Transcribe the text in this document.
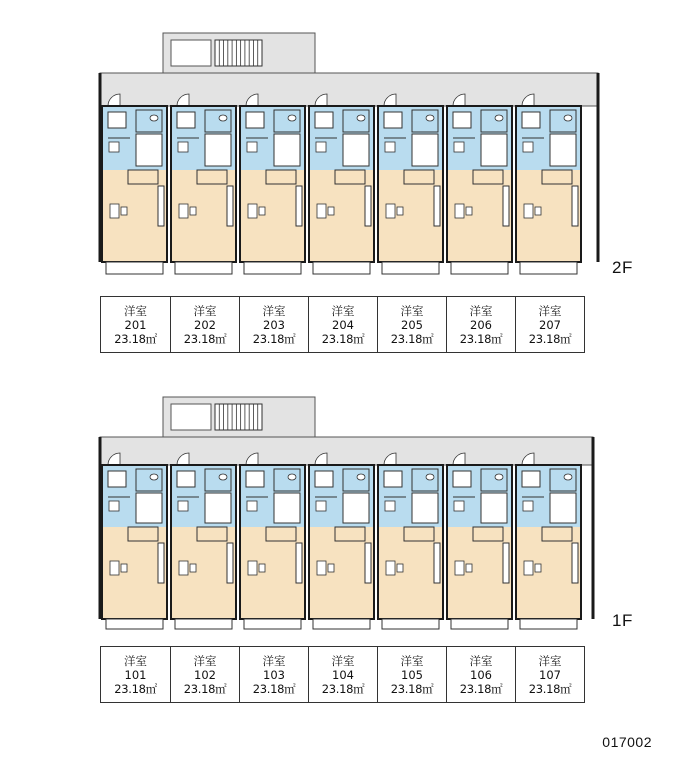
2F
1F
洋室
201
23.18㎡
洋室
202
23.18㎡
洋室
203
23.18㎡
洋室
204
23.18㎡
洋室
205
23.18㎡
洋室
206
23.18㎡
洋室
207
23.18㎡
洋室
101
23.18㎡
洋室
102
23.18㎡
洋室
103
23.18㎡
洋室
104
23.18㎡
洋室
105
23.18㎡
洋室
106
23.18㎡
洋室
107
23.18㎡
017002
